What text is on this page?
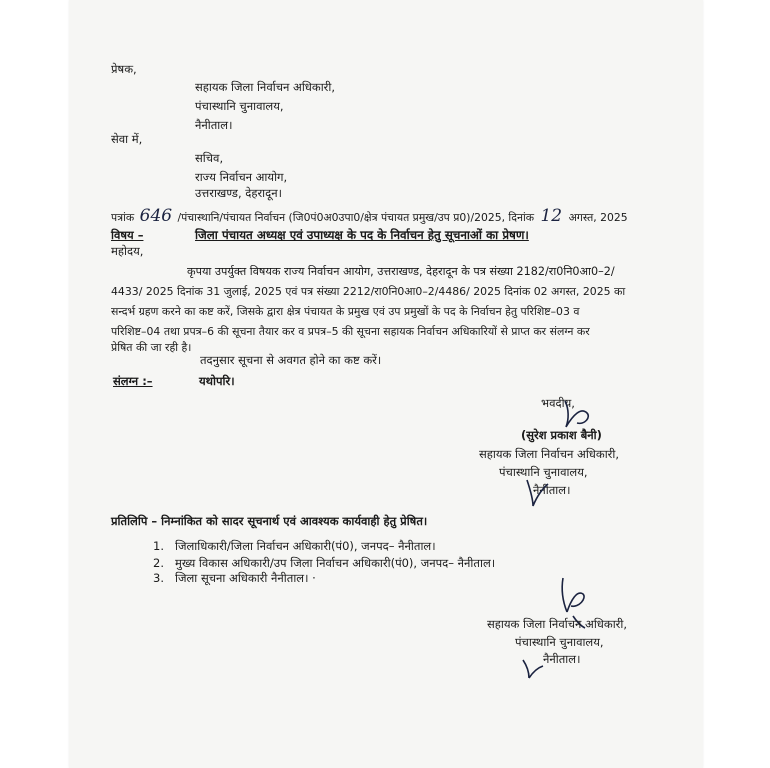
प्रेषक,
सहायक जिला निर्वाचन अधिकारी,
पंचास्थानि चुनावालय,
नैनीताल।
सेवा में,
सचिव,
राज्य निर्वाचन आयोग,
उत्तराखण्ड, देहरादून।
पत्रांक 646 /पंचास्थानि/पंचायत निर्वाचन (जि0पं0अ0उपा0/क्षेत्र पंचायत प्रमुख/उप प्र0)/2025, दिनांक 12 अगस्त, 2025
विषय –	जिला पंचायत अध्यक्ष एवं उपाध्यक्ष के पद के निर्वाचन हेतु सूचनाओं का प्रेषण।
महोदय,
कृपया उपर्युक्त विषयक राज्य निर्वाचन आयोग, उत्तराखण्ड, देहरादून के पत्र संख्या 2182/रा0नि0आ0–2/
4433/ 2025 दिनांक 31 जुलाई, 2025 एवं पत्र संख्या 2212/रा0नि0आ0–2/4486/ 2025 दिनांक 02 अगस्त, 2025 का
सन्दर्भ ग्रहण करने का कष्ट करें, जिसके द्वारा क्षेत्र पंचायत के प्रमुख एवं उप प्रमुखों के पद के निर्वाचन हेतु परिशिष्ट–03 व
परिशिष्ट–04 तथा प्रपत्र–6 की सूचना तैयार कर व प्रपत्र–5 की सूचना सहायक निर्वाचन अधिकारियों से प्राप्त कर संलग्न कर
प्रेषित की जा रही है।
तदनुसार सूचना से अवगत होने का कष्ट करें।
संलग्न :–	यथोपरि।
भवदीय,
(सुरेश प्रकाश बैनी)
सहायक जिला निर्वाचन अधिकारी,
पंचास्थानि चुनावालय,
नैनीताल।
प्रतिलिपि – निम्नांकित को सादर सूचनार्थ एवं आवश्यक कार्यवाही हेतु प्रेषित।
1. जिलाधिकारी/जिला निर्वाचन अधिकारी(पं0), जनपद– नैनीताल।
2. मुख्य विकास अधिकारी/उप जिला निर्वाचन अधिकारी(पं0), जनपद– नैनीताल।
3. जिला सूचना अधिकारी नैनीताल। ·
सहायक जिला निर्वाचन अधिकारी,
पंचास्थानि चुनावालय,
नैनीताल।
